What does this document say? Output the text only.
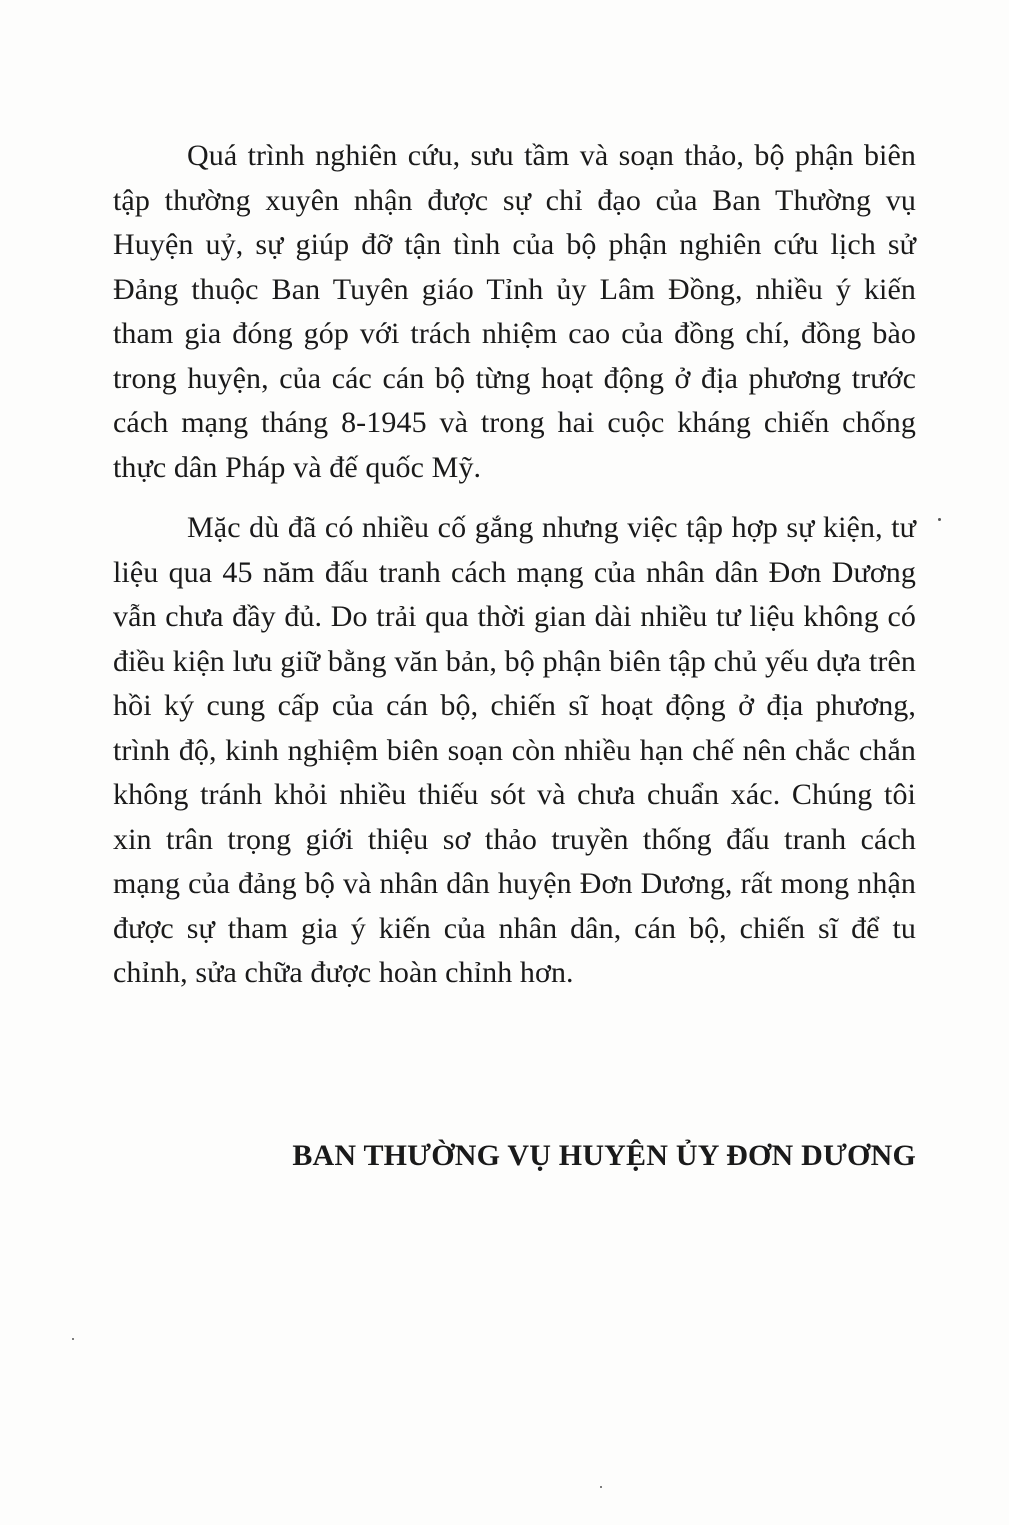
Quá trình nghiên cứu, sưu tầm và soạn thảo, bộ phận biên tập thường xuyên nhận được sự chỉ đạo của Ban Thường vụ Huyện uỷ, sự giúp đỡ tận tình của bộ phận nghiên cứu lịch sử Đảng thuộc Ban Tuyên giáo Tỉnh ủy Lâm Đồng, nhiều ý kiến tham gia đóng góp với trách nhiệm cao của đồng chí, đồng bào trong huyện, của các cán bộ từng hoạt động ở địa phương trước cách mạng tháng 8-1945 và trong hai cuộc kháng chiến chống thực dân Pháp và đế quốc Mỹ.

Mặc dù đã có nhiều cố gắng nhưng việc tập hợp sự kiện, tư liệu qua 45 năm đấu tranh cách mạng của nhân dân Đơn Dương vẫn chưa đầy đủ. Do trải qua thời gian dài nhiều tư liệu không có điều kiện lưu giữ bằng văn bản, bộ phận biên tập chủ yếu dựa trên hồi ký cung cấp của cán bộ, chiến sĩ hoạt động ở địa phương, trình độ, kinh nghiệm biên soạn còn nhiều hạn chế nên chắc chắn không tránh khỏi nhiều thiếu sót và chưa chuẩn xác. Chúng tôi xin trân trọng giới thiệu sơ thảo truyền thống đấu tranh cách mạng của đảng bộ và nhân dân huyện Đơn Dương, rất mong nhận được sự tham gia ý kiến của nhân dân, cán bộ, chiến sĩ để tu chỉnh, sửa chữa được hoàn chỉnh hơn.

BAN THƯỜNG VỤ HUYỆN ỦY ĐƠN DƯƠNG
